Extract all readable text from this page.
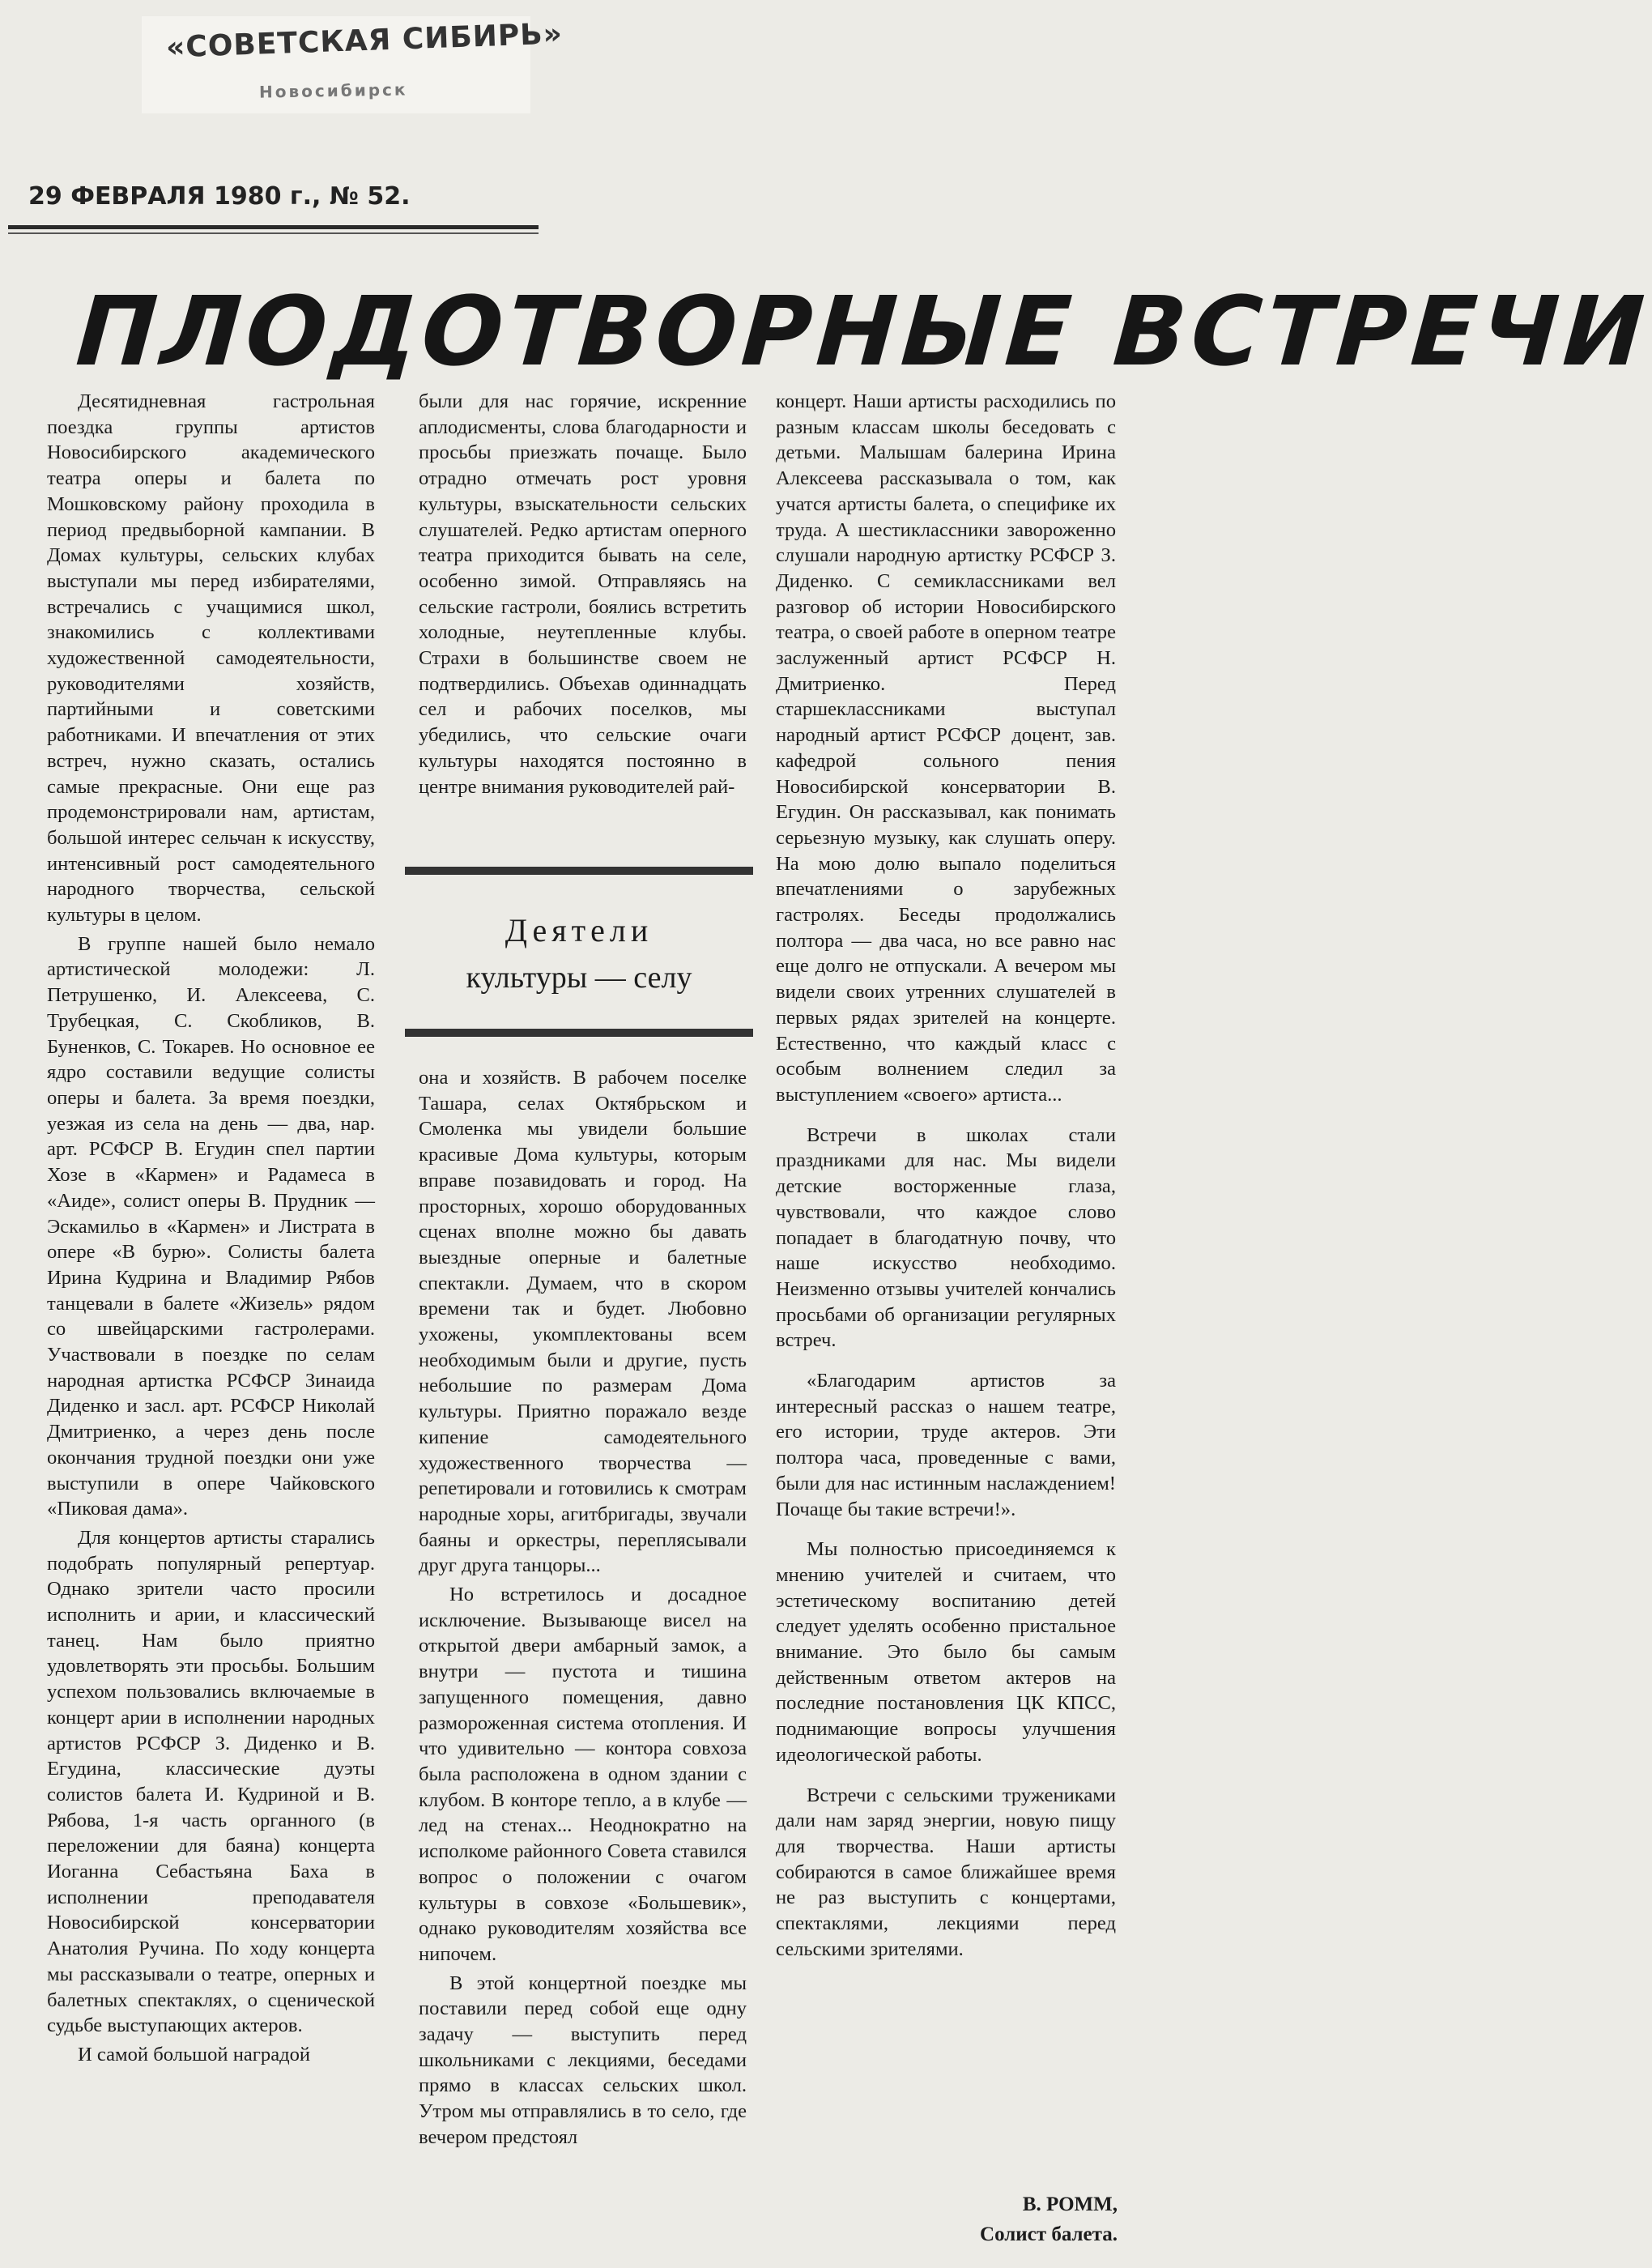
«СОВЕТСКАЯ СИБИРЬ»
Новосибирск
29 ФЕВРАЛЯ 1980 г., № 52.
ПЛОДОТВОРНЫЕ ВСТРЕЧИ

Десятидневная гастрольная поездка группы артистов Новосибирского академического театра оперы и балета по Мошковскому району проходила в период предвыборной кампании. В Домах культуры, сельских клубах выступали мы перед избирателями, встречались с учащимися школ, знакомились с коллективами художественной самодеятельности, руководителями хозяйств, партийными и советскими работниками. И впечатления от этих встреч, нужно сказать, остались самые прекрасные. Они еще раз продемонстрировали нам, артистам, большой интерес сельчан к искусству, интенсивный рост самодеятельного народного творчества, сельской культуры в целом.

В группе нашей было немало артистической молодежи: Л. Петрушенко, И. Алексеева, С. Трубецкая, С. Скобликов, В. Буненков, С. Токарев. Но основное ее ядро составили ведущие солисты оперы и балета. За время поездки, уезжая из села на день — два, нар. арт. РСФСР В. Егудин спел партии Хозе в «Кармен» и Радамеса в «Аиде», солист оперы В. Прудник — Эскамильо в «Кармен» и Листрата в опере «В бурю». Солисты балета Ирина Кудрина и Владимир Рябов танцевали в балете «Жизель» рядом со швейцарскими гастролерами. Участвовали в поездке по селам народная артистка РСФСР Зинаида Диденко и засл. арт. РСФСР Николай Дмитриенко, а через день после окончания трудной поездки они уже выступили в опере Чайковского «Пиковая дама».

Для концертов артисты старались подобрать популярный репертуар. Однако зрители часто просили исполнить и арии, и классический танец. Нам было приятно удовлетворять эти просьбы. Большим успехом пользовались включаемые в концерт арии в исполнении народных артистов РСФСР З. Диденко и В. Егудина, классические дуэты солистов балета И. Кудриной и В. Рябова, 1-я часть органного (в переложении для баяна) концерта Иоганна Себастьяна Баха в исполнении преподавателя Новосибирской консерватории Анатолия Ручина. По ходу концерта мы рассказывали о театре, оперных и балетных спектаклях, о сценической судьбе выступающих актеров.

И самой большой наградой

были для нас горячие, искренние аплодисменты, слова благодарности и просьбы приезжать почаще. Было отрадно отмечать рост уровня культуры, взыскательности сельских слушателей. Редко артистам оперного театра приходится бывать на селе, особенно зимой. Отправляясь на сельские гастроли, боялись встретить холодные, неутепленные клубы. Страхи в большинстве своем не подтвердились. Объехав одиннадцать сел и рабочих поселков, мы убедились, что сельские очаги культуры находятся постоянно в центре внимания руководителей рай-

Деятели
культуры — селу

она и хозяйств. В рабочем поселке Ташара, селах Октябрьском и Смоленка мы увидели большие красивые Дома культуры, которым вправе позавидовать и город. На просторных, хорошо оборудованных сценах вполне можно бы давать выездные оперные и балетные спектакли. Думаем, что в скором времени так и будет. Любовно ухожены, укомплектованы всем необходимым были и другие, пусть небольшие по размерам Дома культуры. Приятно поражало везде кипение самодеятельного художественного творчества — репетировали и готовились к смотрам народные хоры, агитбригады, звучали баяны и оркестры, переплясывали друг друга танцоры...

Но встретилось и досадное исключение. Вызывающе висел на открытой двери амбарный замок, а внутри — пустота и тишина запущенного помещения, давно размороженная система отопления. И что удивительно — контора совхоза была расположена в одном здании с клубом. В конторе тепло, а в клубе — лед на стенах... Неоднократно на исполкоме районного Совета ставился вопрос о положении с очагом культуры в совхозе «Большевик», однако руководителям хозяйства все нипочем.

В этой концертной поездке мы поставили перед собой еще одну задачу — выступить перед школьниками с лекциями, беседами прямо в классах сельских школ. Утром мы отправлялись в то село, где вечером предстоял

концерт. Наши артисты расходились по разным классам школы беседовать с детьми. Малышам балерина Ирина Алексеева рассказывала о том, как учатся артисты балета, о специфике их труда. А шестиклассники завороженно слушали народную артистку РСФСР З. Диденко. С семиклассниками вел разговор об истории Новосибирского театра, о своей работе в оперном театре заслуженный артист РСФСР Н. Дмитриенко. Перед старшеклассниками выступал народный артист РСФСР доцент, зав. кафедрой сольного пения Новосибирской консерватории В. Егудин. Он рассказывал, как понимать серьезную музыку, как слушать оперу. На мою долю выпало поделиться впечатлениями о зарубежных гастролях. Беседы продолжались полтора — два часа, но все равно нас еще долго не отпускали. А вечером мы видели своих утренних слушателей в первых рядах зрителей на концерте. Естественно, что каждый класс с особым волнением следил за выступлением «своего» артиста...

Встречи в школах стали праздниками для нас. Мы видели детские восторженные глаза, чувствовали, что каждое слово попадает в благодатную почву, что наше искусство необходимо. Неизменно отзывы учителей кончались просьбами об организации регулярных встреч.

«Благодарим артистов за интересный рассказ о нашем театре, его истории, труде актеров. Эти полтора часа, проведенные с вами, были для нас истинным наслаждением! Почаще бы такие встречи!».

Мы полностью присоединяемся к мнению учителей и считаем, что эстетическому воспитанию детей следует уделять особенно пристальное внимание. Это было бы самым действенным ответом актеров на последние постановления ЦК КПСС, поднимающие вопросы улучшения идеологической работы.

Встречи с сельскими тружениками дали нам заряд энергии, новую пищу для творчества. Наши артисты собираются в самое ближайшее время не раз выступить с концертами, спектаклями, лекциями перед сельскими зрителями.

В. РОММ,
Солист балета.
